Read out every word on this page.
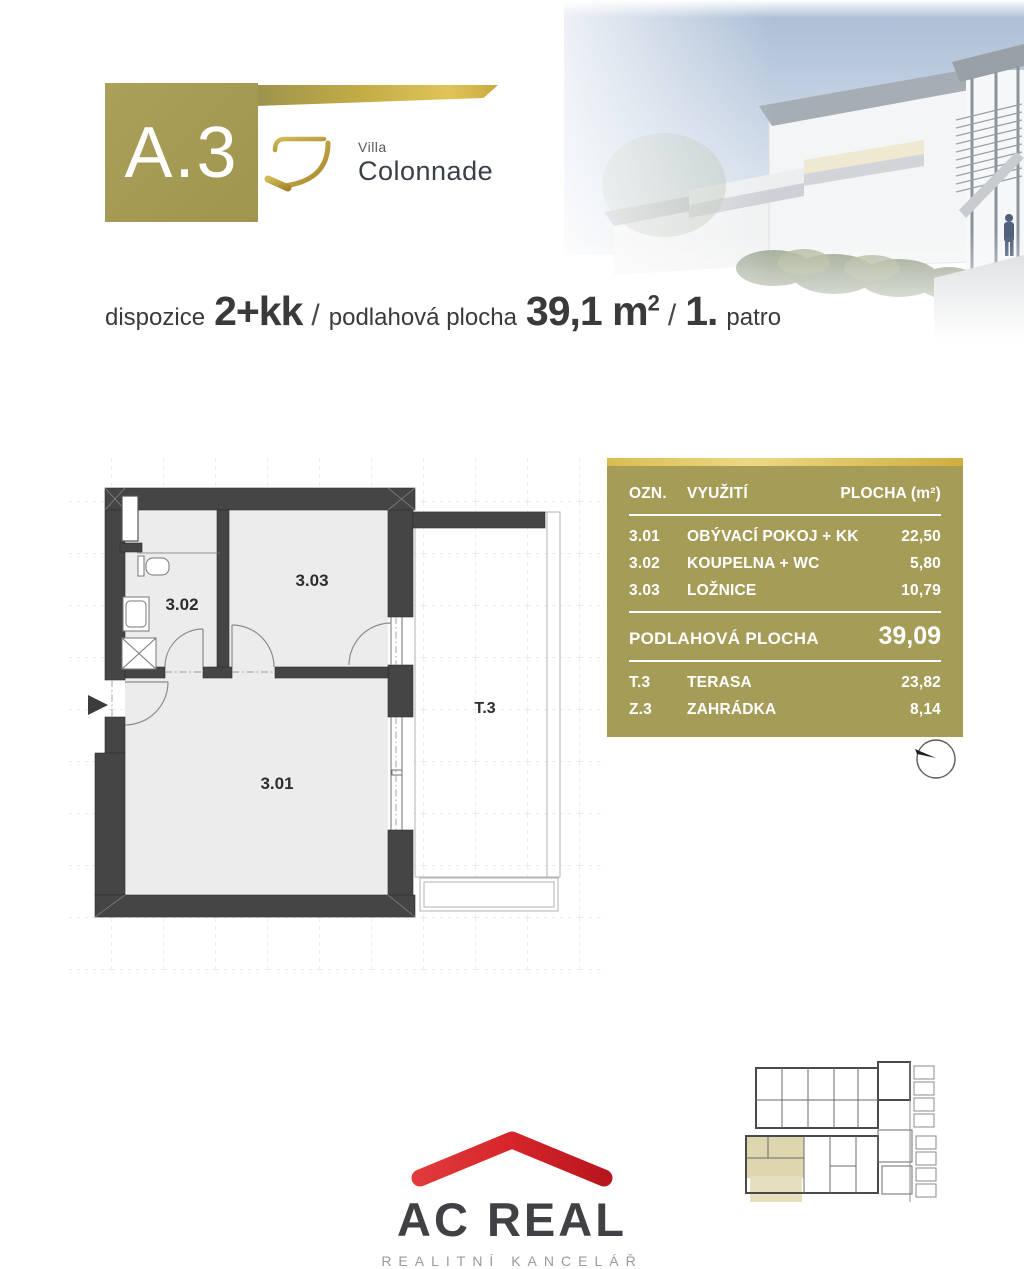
A.3	Villa
Colonnade
dispozice 2+kk / podlahová plocha 39,1 $m^2 / 1$. patro
3.02
3.03
3.01
T.3
OZN.	VYUŽITÍ	PLOCHA (m²)
3.01	OBÝVACÍ POKOJ + KK	22,50
3.02	KOUPELNA + WC	5,80
3.03	LOŽNICE	10,79
PODLAHOVÁ PLOCHA 39,09
T.3	TERASA	23,82
Z.3	ZAHRÁDKA	8,14
AC REAL
REALITNÍ KANCELÁŘ
